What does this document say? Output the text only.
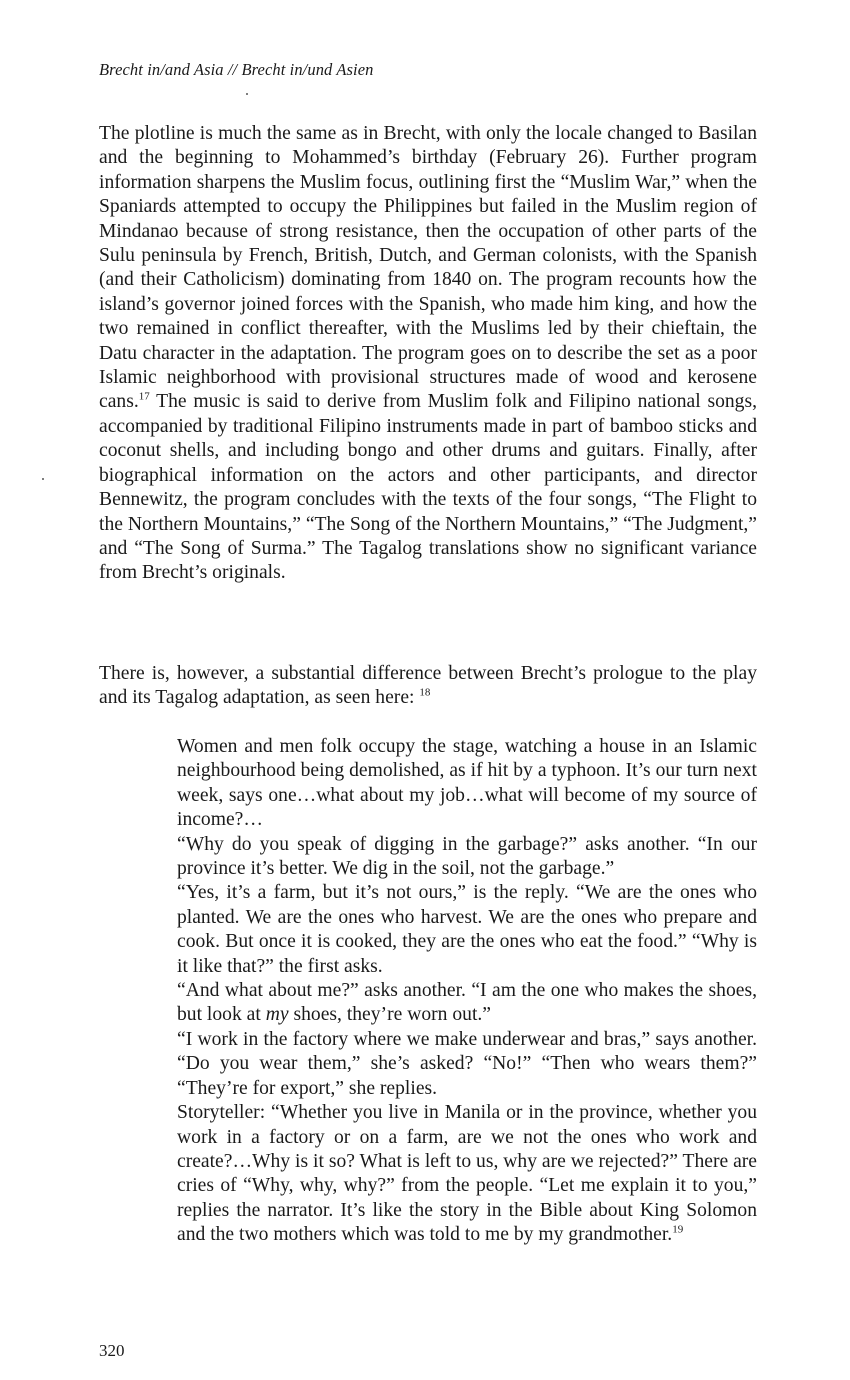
Brecht in/and Asia // Brecht in/und Asien

The plotline is much the same as in Brecht, with only the locale changed to Basilan and the beginning to Mohammed’s birthday (February 26). Further program information sharpens the Muslim focus, outlining first the “Muslim War,” when the Spaniards attempted to occupy the Philippines but failed in the Muslim region of Mindanao because of strong resistance, then the occupation of other parts of the Sulu peninsula by French, British, Dutch, and German colonists, with the Spanish (and their Catholicism) dominating from 1840 on. The program recounts how the island’s governor joined forces with the Spanish, who made him king, and how the two remained in conflict thereafter, with the Muslims led by their chieftain, the Datu character in the adaptation. The program goes on to describe the set as a poor Islamic neighborhood with provisional structures made of wood and kerosene cans.$^{17}$ The music is said to derive from Muslim folk and Filipino national songs, accompanied by traditional Filipino instruments made in part of bamboo sticks and coconut shells, and including bongo and other drums and guitars. Finally, after biographical information on the actors and other participants, and director Bennewitz, the program concludes with the texts of the four songs, “The Flight to the Northern Mountains,” “The Song of the Northern Mountains,” “The Judgment,” and “The Song of Surma.” The Tagalog translations show no significant variance from Brecht’s originals.

There is, however, a substantial difference between Brecht’s prologue to the play and its Tagalog adaptation, as seen here: $^{18}$

Women and men folk occupy the stage, watching a house in an Islamic neighbourhood being demolished, as if hit by a typhoon. It’s our turn next week, says one…what about my job…what will become of my source of income?…

“Why do you speak of digging in the garbage?” asks another. “In our province it’s better. We dig in the soil, not the garbage.”

“Yes, it’s a farm, but it’s not ours,” is the reply. “We are the ones who planted. We are the ones who harvest. We are the ones who prepare and cook. But once it is cooked, they are the ones who eat the food.” “Why is it like that?” the first asks.

“And what about me?” asks another. “I am the one who makes the shoes, but look at my shoes, they’re worn out.”

“I work in the factory where we make underwear and bras,” says another. “Do you wear them,” she’s asked? “No!” “Then who wears them?” “They’re for export,” she replies.

Storyteller: “Whether you live in Manila or in the province, whether you work in a factory or on a farm, are we not the ones who work and create?…Why is it so? What is left to us, why are we rejected?” There are cries of “Why, why, why?” from the people. “Let me explain it to you,” replies the narrator. It’s like the story in the Bible about King Solomon and the two mothers which was told to me by my grandmother.$^{19}$

320
